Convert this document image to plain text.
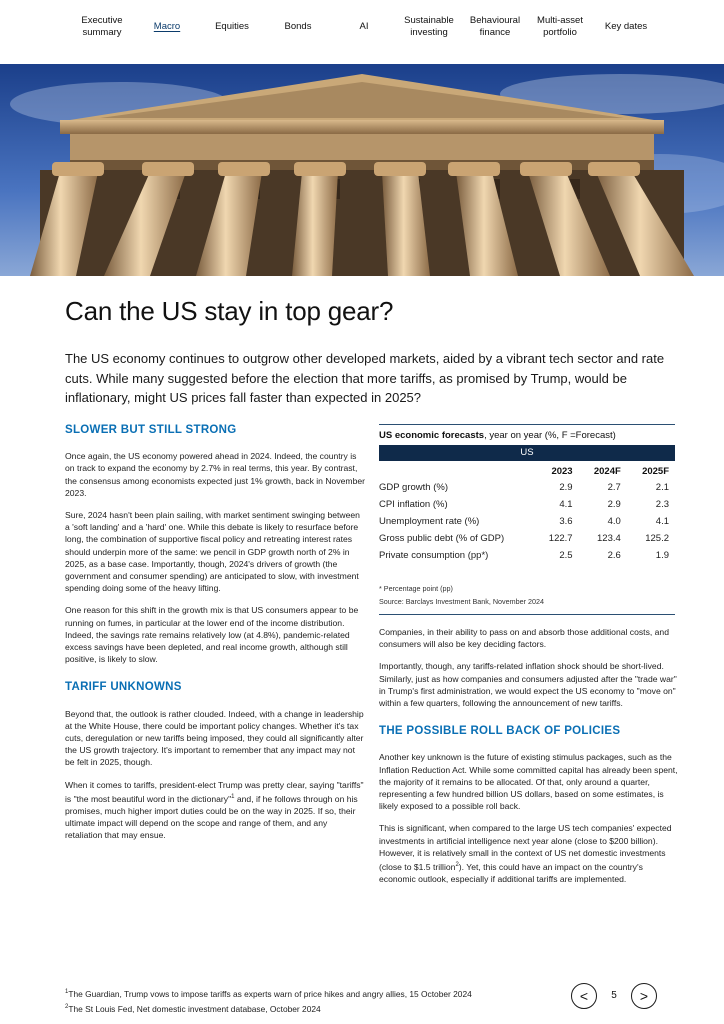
Executive
summary
Macro	Equities	Bonds	AI
Sustainable
investing
Behavioural
finance
Multi-asset
portfolio
Key dates
Can the US stay in top gear?

The US economy continues to outgrow other developed markets, aided by a vibrant tech sector and rate cuts. While many suggested before the election that more tariffs, as promised by Trump, would be inflationary, might US prices fall faster than expected in 2025?

SLOWER BUT STILL STRONG

Once again, the US economy powered ahead in 2024. Indeed, the country is on track to expand the economy by 2.7% in real terms, this year. By contrast, the consensus among economists expected just 1% growth, back in November 2023.

Sure, 2024 hasn't been plain sailing, with market sentiment swinging between a 'soft landing' and a 'hard' one. While this debate is likely to resurface before long, the combination of supportive fiscal policy and retreating interest rates should underpin more of the same: we pencil in GDP growth north of 2% in 2025, as a base case. Importantly, though, 2024's drivers of growth (the government and consumer spending) are anticipated to slow, with investment spending doing some of the heavy lifting.

One reason for this shift in the growth mix is that US consumers appear to be running on fumes, in particular at the lower end of the income distribution. Indeed, the savings rate remains relatively low (at 4.8%), pandemic-related excess savings have been depleted, and real income growth, although still positive, is likely to slow.

TARIFF UNKNOWNS

Beyond that, the outlook is rather clouded. Indeed, with a change in leadership at the White House, there could be important policy changes. Whether it's tax cuts, deregulation or new tariffs being imposed, they could all significantly alter the US growth trajectory. It's important to remember that any impact may not be felt in 2025, though.

When it comes to tariffs, president-elect Trump was pretty clear, saying "tariffs" is "the most beautiful word in the dictionary"$^1$ and, if he follows through on his promises, much higher import duties could be on the way in 2025. If so, their ultimate impact will depend on the scope and range of them, and any retaliation that may ensue.

US economic forecasts, year on year (%, F =Forecast)
US
	2023	2024F	2025F
GDP growth (%)	2.9	2.7	2.1
CPI inflation (%)	4.1	2.9	2.3
Unemployment rate (%)	3.6	4.0	4.1
Gross public debt (% of GDP)	122.7	123.4	125.2
Private consumption (pp*)	2.5	2.6	1.9
* Percentage point (pp)
Source: Barclays Investment Bank, November 2024

Companies, in their ability to pass on and absorb those additional costs, and consumers will also be key deciding factors.

Importantly, though, any tariffs-related inflation shock should be short-lived. Similarly, just as how companies and consumers adjusted after the "trade war" in Trump's first administration, we would expect the US economy to "move on" within a few quarters, following the announcement of new tariffs.

THE POSSIBLE ROLL BACK OF POLICIES

Another key unknown is the future of existing stimulus packages, such as the Inflation Reduction Act. While some committed capital has already been spent, the majority of it remains to be allocated. Of that, only around a quarter, representing a few hundred billion US dollars, based on some estimates, is likely exposed to a possible roll back.

This is significant, when compared to the large US tech companies' expected investments in artificial intelligence next year alone (close to $200 billion). However, it is relatively small in the context of US net domestic investments (close to $1.5 trillion$^2$). Yet, this could have an impact on the country's economic outlook, especially if additional tariffs are implemented.

$^1$The Guardian, Trump vows to impose tariffs as experts warn of price hikes and angry allies, 15 October 2024
$^2$The St Louis Fed, Net domestic investment database, October 2024
<	5 >
